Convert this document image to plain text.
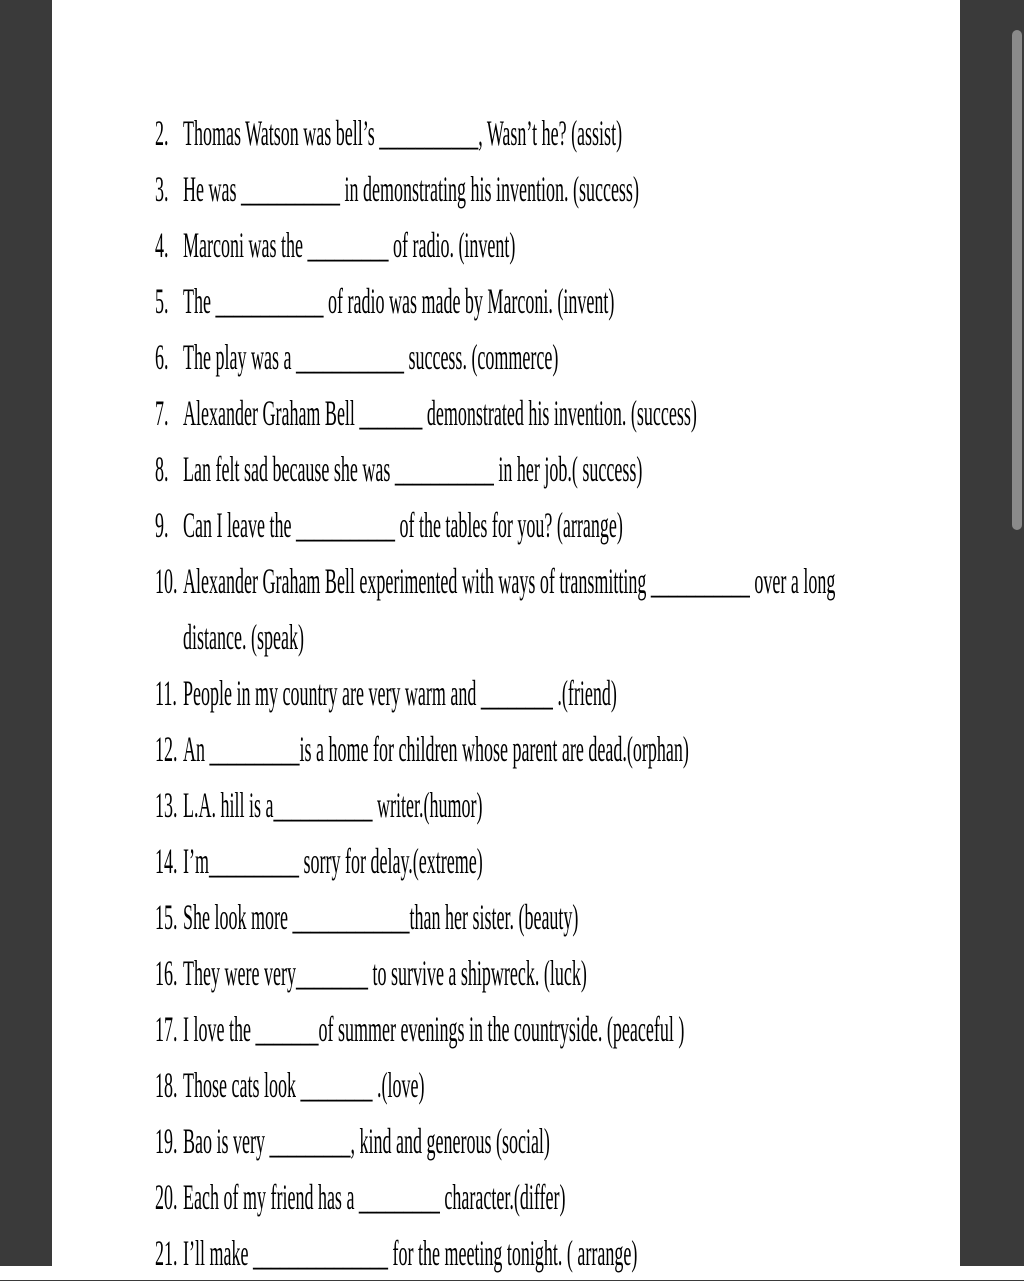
2. Thomas Watson was bell’s ___________, Wasn’t he? (assist)
3. He was ___________ in demonstrating his invention. (success)
4. Marconi was the _________ of radio. (invent)
5. The ____________ of radio was made by Marconi. (invent)
6. The play was a ____________ success. (commerce)
7. Alexander Graham Bell _______ demonstrated his invention. (success)
8. Lan felt sad because she was ___________ in her job.( success)
9. Can I leave the ___________ of the tables for you? (arrange)
10. Alexander Graham Bell experimented with ways of transmitting ___________ over a long distance. (speak)
11. People in my country are very warm and ________ .(friend)
12. An __________is a home for children whose parent are dead.(orphan)
13. L.A. hill is a___________ writer.(humor)
14. I’m__________ sorry for delay.(extreme)
15. She look more _____________than her sister. (beauty)
16. They were very________ to survive a shipwreck. (luck)
17. I love the _______of summer evenings in the countryside. (peaceful )
18. Those cats look ________ .(love)
19. Bao is very _________, kind and generous (social)
20. Each of my friend has a _________ character.(differ)
21. I’ll make _______________ for the meeting tonight. ( arrange)
